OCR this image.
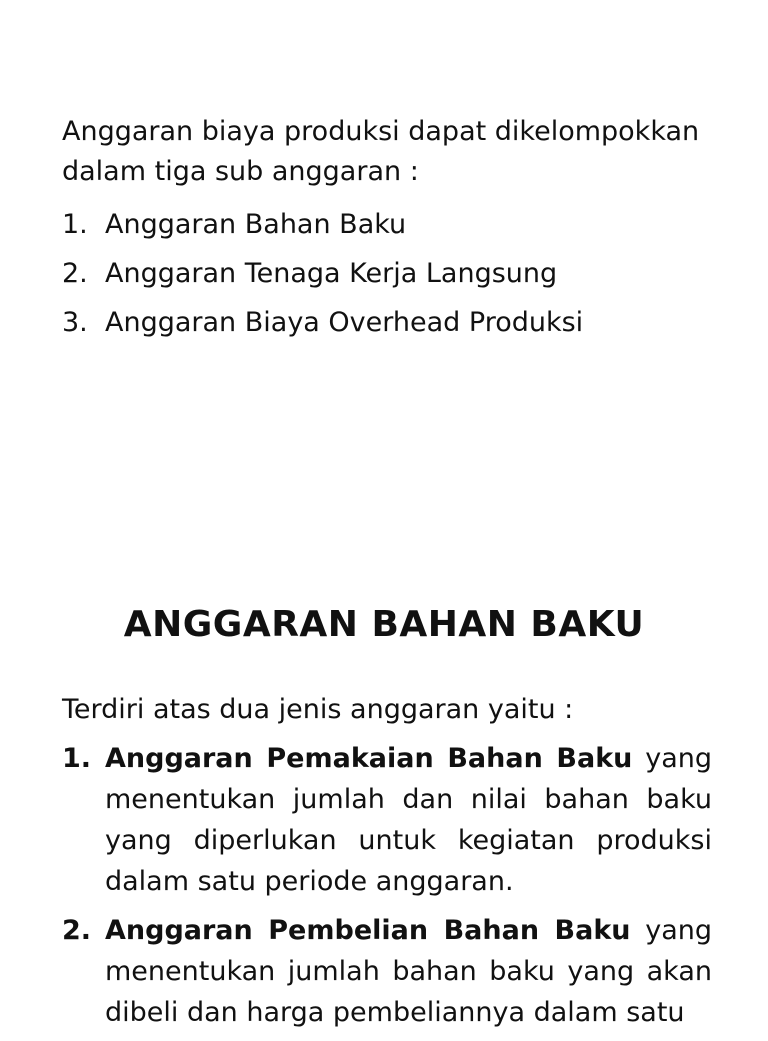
Anggaran biaya produksi dapat dikelompokkan dalam tiga sub anggaran :

1. Anggaran Bahan Baku
2. Anggaran Tenaga Kerja Langsung
3. Anggaran Biaya Overhead Produksi
ANGGARAN BAHAN BAKU

Terdiri atas dua jenis anggaran yaitu :

1. Anggaran Pemakaian Bahan Baku yang menentukan jumlah dan nilai bahan baku yang diperlukan untuk kegiatan produksi dalam satu periode anggaran.
2. Anggaran Pembelian Bahan Baku yang menentukan jumlah bahan baku yang akan dibeli dan harga pembeliannya dalam satu
